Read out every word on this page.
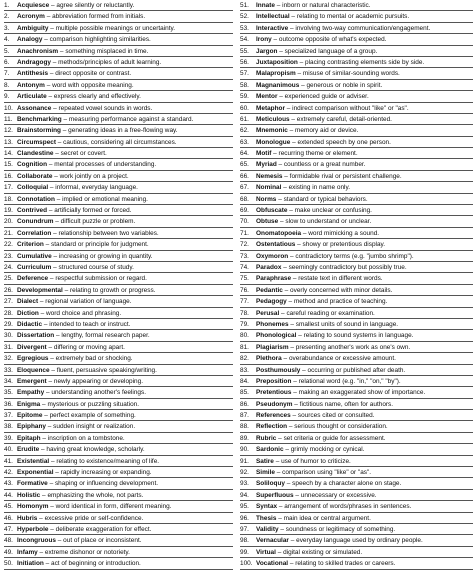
1. Acquiesce – agree silently or reluctantly.
2. Acronym – abbreviation formed from initials.
3. Ambiguity – multiple possible meanings or uncertainty.
4. Analogy – comparison highlighting similarities.
5. Anachronism – something misplaced in time.
6. Andragogy – methods/principles of adult learning.
7. Antithesis – direct opposite or contrast.
8. Antonym – word with opposite meaning.
9. Articulate – express clearly and effectively.
10. Assonance – repeated vowel sounds in words.
11. Benchmarking – measuring performance against a standard.
12. Brainstorming – generating ideas in a free-flowing way.
13. Circumspect – cautious, considering all circumstances.
14. Clandestine – secret or covert.
15. Cognition – mental processes of understanding.
16. Collaborate – work jointly on a project.
17. Colloquial – informal, everyday language.
18. Connotation – implied or emotional meaning.
19. Contrived – artificially formed or forced.
20. Conundrum – difficult puzzle or problem.
21. Correlation – relationship between two variables.
22. Criterion – standard or principle for judgment.
23. Cumulative – increasing or growing in quantity.
24. Curriculum – structured course of study.
25. Deference – respectful submission or regard.
26. Developmental – relating to growth or progress.
27. Dialect – regional variation of language.
28. Diction – word choice and phrasing.
29. Didactic – intended to teach or instruct.
30. Dissertation – lengthy, formal research paper.
31. Divergent – differing or moving apart.
32. Egregious – extremely bad or shocking.
33. Eloquence – fluent, persuasive speaking/writing.
34. Emergent – newly appearing or developing.
35. Empathy – understanding another's feelings.
36. Enigma – mysterious or puzzling situation.
37. Epitome – perfect example of something.
38. Epiphany – sudden insight or realization.
39. Epitaph – inscription on a tombstone.
40. Erudite – having great knowledge, scholarly.
41. Existential – relating to existence/meaning of life.
42. Exponential – rapidly increasing or expanding.
43. Formative – shaping or influencing development.
44. Holistic – emphasizing the whole, not parts.
45. Homonym – word identical in form, different meaning.
46. Hubris – excessive pride or self-confidence.
47. Hyperbole – deliberate exaggeration for effect.
48. Incongruous – out of place or inconsistent.
49. Infamy – extreme dishonor or notoriety.
50. Initiation – act of beginning or introduction.
51. Innate – inborn or natural characteristic.
52. Intellectual – relating to mental or academic pursuits.
53. Interactive – involving two-way communication/engagement.
54. Irony – outcome opposite of what's expected.
55. Jargon – specialized language of a group.
56. Juxtaposition – placing contrasting elements side by side.
57. Malapropism – misuse of similar-sounding words.
58. Magnanimous – generous or noble in spirit.
59. Mentor – experienced guide or adviser.
60. Metaphor – indirect comparison without "like" or "as".
61. Meticulous – extremely careful, detail-oriented.
62. Mnemonic – memory aid or device.
63. Monologue – extended speech by one person.
64. Motif – recurring theme or element.
65. Myriad – countless or a great number.
66. Nemesis – formidable rival or persistent challenge.
67. Nominal – existing in name only.
68. Norms – standard or typical behaviors.
69. Obfuscate – make unclear or confusing.
70. Obtuse – slow to understand or unclear.
71. Onomatopoeia – word mimicking a sound.
72. Ostentatious – showy or pretentious display.
73. Oxymoron – contradictory terms (e.g. "jumbo shrimp").
74. Paradox – seemingly contradictory but possibly true.
75. Paraphrase – restate text in different words.
76. Pedantic – overly concerned with minor details.
77. Pedagogy – method and practice of teaching.
78. Perusal – careful reading or examination.
79. Phonemes – smallest units of sound in language.
80. Phonological – relating to sound systems in language.
81. Plagiarism – presenting another's work as one's own.
82. Plethora – overabundance or excessive amount.
83. Posthumously – occurring or published after death.
84. Preposition – relational word (e.g. "in," "on," "by").
85. Pretentious – making an exaggerated show of importance.
86. Pseudonym – fictitious name, often for authors.
87. References – sources cited or consulted.
88. Reflection – serious thought or consideration.
89. Rubric – set criteria or guide for assessment.
90. Sardonic – grimly mocking or cynical.
91. Satire – use of humor to criticize.
92. Simile – comparison using "like" or "as".
93. Soliloquy – speech by a character alone on stage.
94. Superfluous – unnecessary or excessive.
95. Syntax – arrangement of words/phrases in sentences.
96. Thesis – main idea or central argument.
97. Validity – soundness or legitimacy of something.
98. Vernacular – everyday language used by ordinary people.
99. Virtual – digital existing or simulated.
100. Vocational – relating to skilled trades or careers.
